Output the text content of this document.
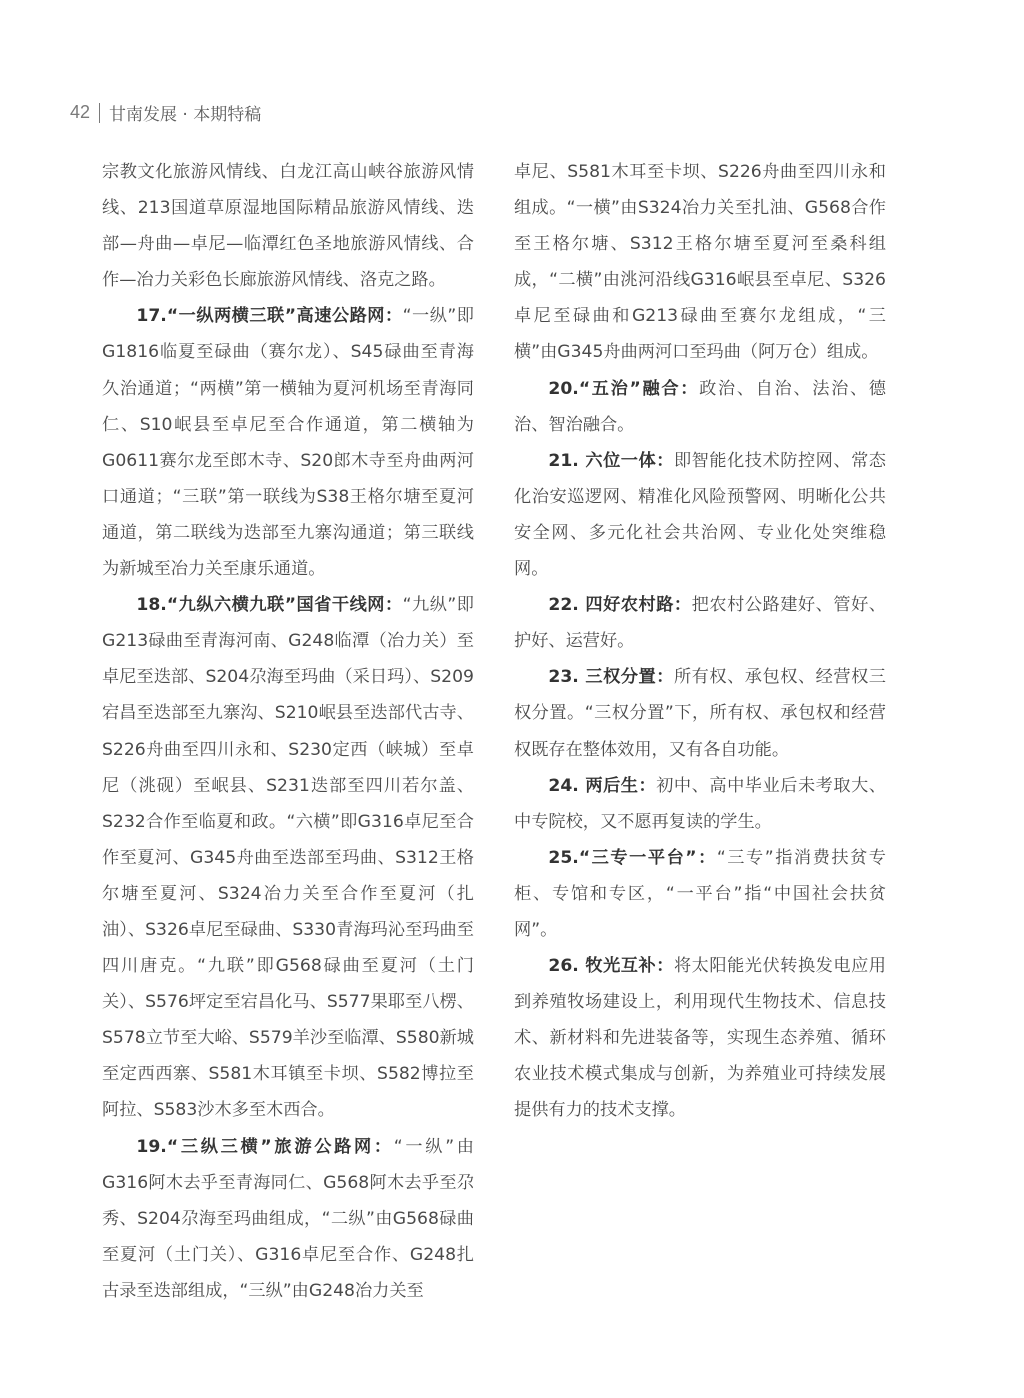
42 甘南发展 · 本期特稿

宗教文化旅游风情线、白龙江高山峡谷旅游风情线、213国道草原湿地国际精品旅游风情线、迭部—舟曲—卓尼—临潭红色圣地旅游风情线、合作—冶力关彩色长廊旅游风情线、洛克之路。

17.“一纵两横三联”高速公路网：“一纵”即G1816临夏至碌曲（赛尔龙）、S45碌曲至青海久治通道；“两横”第一横轴为夏河机场至青海同仁、S10岷县至卓尼至合作通道，第二横轴为G0611赛尔龙至郎木寺、S20郎木寺至舟曲两河口通道；“三联”第一联线为S38王格尔塘至夏河通道，第二联线为迭部至九寨沟通道；第三联线为新城至冶力关至康乐通道。

18.“九纵六横九联”国省干线网：“九纵”即G213碌曲至青海河南、G248临潭（冶力关）至卓尼至迭部、S204尕海至玛曲（采日玛）、S209宕昌至迭部至九寨沟、S210岷县至迭部代古寺、S226舟曲至四川永和、S230定西（峡城）至卓尼（洮砚）至岷县、S231迭部至四川若尔盖、S232合作至临夏和政。“六横”即G316卓尼至合作至夏河、G345舟曲至迭部至玛曲、S312王格尔塘至夏河、S324冶力关至合作至夏河（扎油）、S326卓尼至碌曲、S330青海玛沁至玛曲至四川唐克。“九联”即G568碌曲至夏河（土门关）、S576坪定至宕昌化马、S577果耶至八楞、S578立节至大峪、S579羊沙至临潭、S580新城至定西西寨、S581木耳镇至卡坝、S582博拉至阿拉、S583沙木多至木西合。

19.“三纵三横”旅游公路网：“一纵”由G316阿木去乎至青海同仁、G568阿木去乎至尕秀、S204尕海至玛曲组成，“二纵”由G568碌曲至夏河（土门关）、G316卓尼至合作、G248扎古录至迭部组成，“三纵”由G248冶力关至

卓尼、S581木耳至卡坝、S226舟曲至四川永和组成。“一横”由S324冶力关至扎油、G568合作至王格尔塘、S312王格尔塘至夏河至桑科组成，“二横”由洮河沿线G316岷县至卓尼、S326卓尼至碌曲和G213碌曲至赛尔龙组成，“三横”由G345舟曲两河口至玛曲（阿万仓）组成。

20.“五治”融合：政治、自治、法治、德治、智治融合。

21. 六位一体：即智能化技术防控网、常态化治安巡逻网、精准化风险预警网、明晰化公共安全网、多元化社会共治网、专业化处突维稳网。

22. 四好农村路：把农村公路建好、管好、护好、运营好。

23. 三权分置：所有权、承包权、经营权三权分置。“三权分置”下，所有权、承包权和经营权既存在整体效用，又有各自功能。

24. 两后生：初中、高中毕业后未考取大、中专院校，又不愿再复读的学生。

25.“三专一平台”：“三专”指消费扶贫专柜、专馆和专区，“一平台”指“中国社会扶贫网”。

26. 牧光互补：将太阳能光伏转换发电应用到养殖牧场建设上，利用现代生物技术、信息技术、新材料和先进装备等，实现生态养殖、循环农业技术模式集成与创新，为养殖业可持续发展提供有力的技术支撑。
